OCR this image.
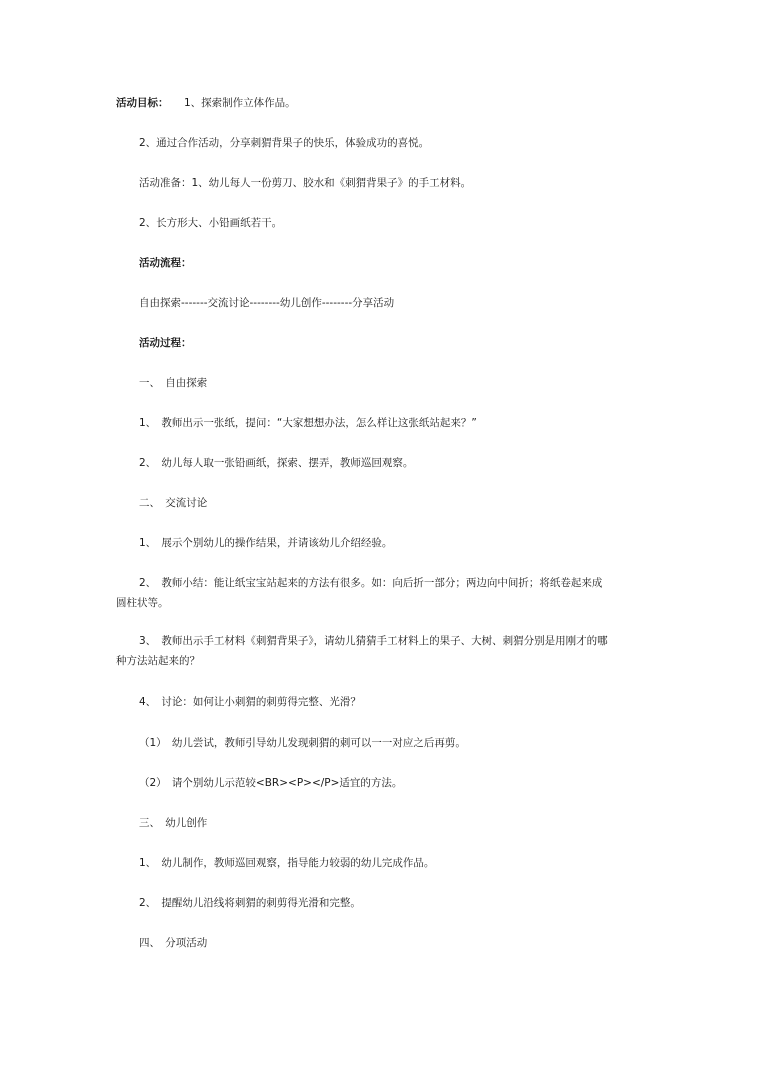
活动目标： 1、探索制作立体作品。
2、通过合作活动，分享刺猬背果子的快乐，体验成功的喜悦。
活动准备：1、幼儿每人一份剪刀、胶水和《刺猬背果子》的手工材料。
2、长方形大、小铅画纸若干。
活动流程：
自由探索-------交流讨论--------幼儿创作--------分享活动
活动过程：
一、　自由探索
1、　教师出示一张纸，提问：“大家想想办法，怎么样让这张纸站起来？”
2、　幼儿每人取一张铅画纸，探索、摆弄，教师巡回观察。
二、　交流讨论
1、　展示个别幼儿的操作结果，并请该幼儿介绍经验。
2、　教师小结：能让纸宝宝站起来的方法有很多。如：向后折一部分；两边向中间折；将纸卷起来成
圆柱状等。
3、　教师出示手工材料《刺猬背果子》，请幼儿猜猜手工材料上的果子、大树、刺猬分别是用刚才的哪
种方法站起来的？
4、　讨论：如何让小刺猬的刺剪得完整、光滑？
（1）　幼儿尝试，教师引导幼儿发现刺猬的刺可以一一对应之后再剪。
（2）　请个别幼儿示范较<BR><P></P>适宜的方法。
三、　幼儿创作
1、　幼儿制作，教师巡回观察，指导能力较弱的幼儿完成作品。
2、　提醒幼儿沿线将刺猬的刺剪得光滑和完整。
四、　分项活动
